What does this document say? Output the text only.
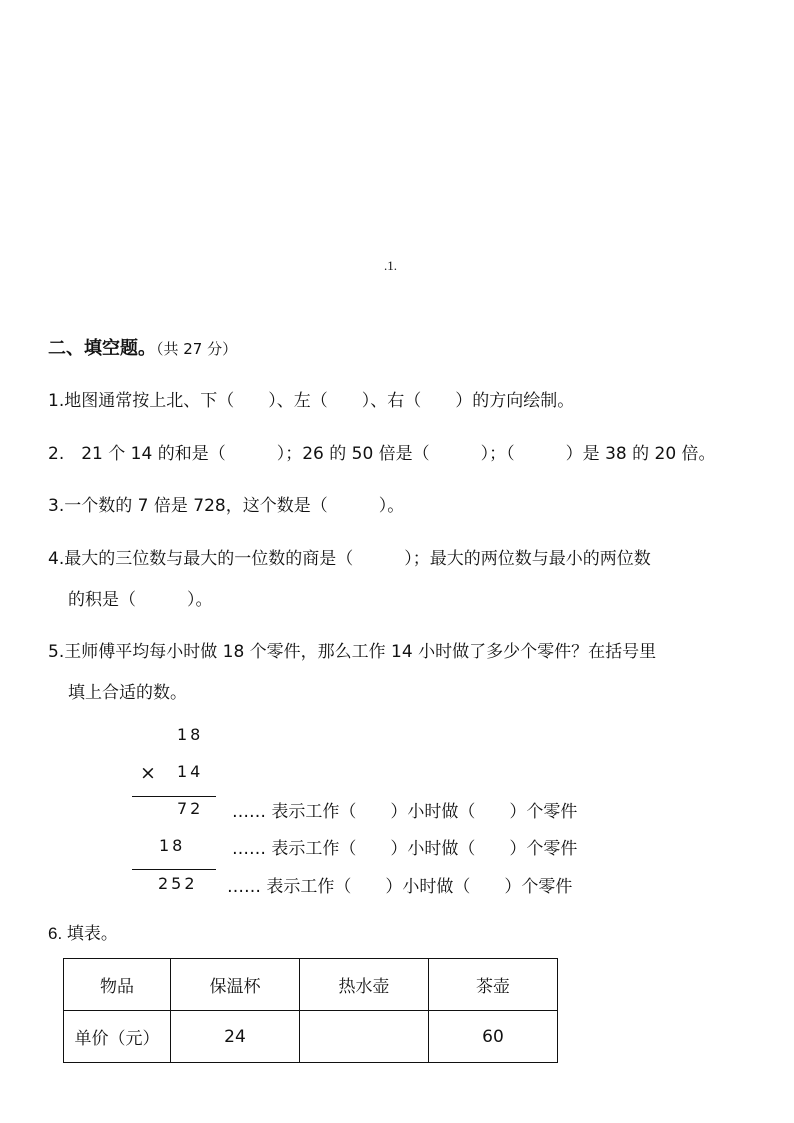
.1.
二、填空题。（共 27 分）
1.地图通常按上北、下（　　）、左（　　）、右（　　）的方向绘制。
2.　21 个 14 的和是（　　　）；26 的 50 倍是（　　　）；（　　　）是 38 的 20 倍。
3.一个数的 7 倍是 728，这个数是（　　　）。
4.最大的三位数与最大的一位数的商是（　　　）；最大的两位数与最小的两位数
的积是（　　　）。
5.王师傅平均每小时做 18 个零件，那么工作 14 小时做了多少个零件？在括号里
填上合适的数。
18
× 14
72 …… 表示工作（　　）小时做（　　）个零件
18	…… 表示工作（　　）小时做（　　）个零件
252 …… 表示工作（　　）小时做（　　）个零件
6. 填表。
物品	保温杯	热水壶	茶壶
单价（元）	24		60
